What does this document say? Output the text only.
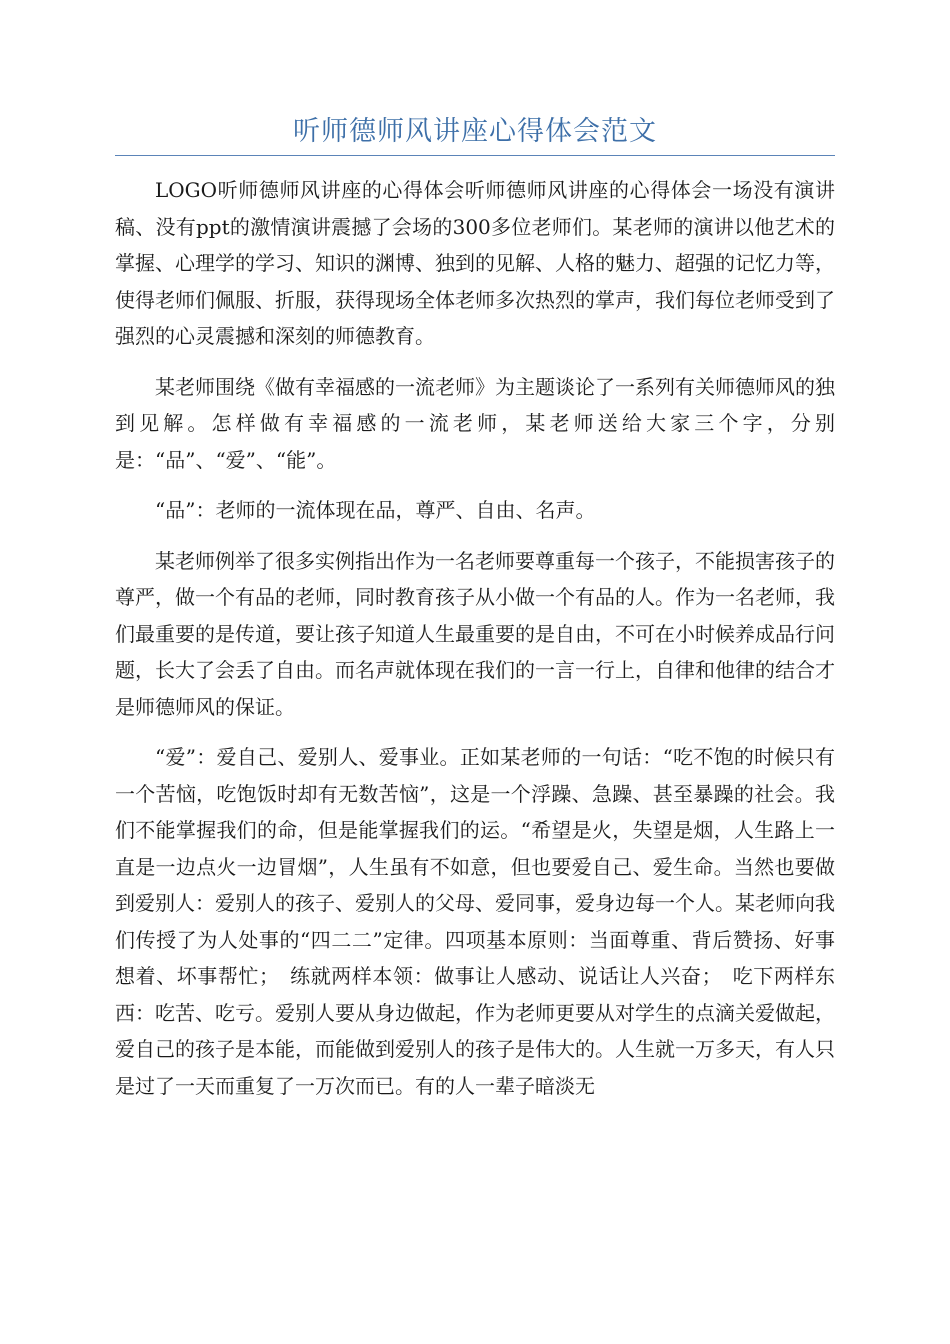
听师德师风讲座心得体会范文

LOGO听师德师风讲座的心得体会听师德师风讲座的心得体会一场没有演讲稿、没有ppt的激情演讲震撼了会场的300多位老师们。某老师的演讲以他艺术的掌握、心理学的学习、知识的渊博、独到的见解、人格的魅力、超强的记忆力等，使得老师们佩服、折服，获得现场全体老师多次热烈的掌声，我们每位老师受到了强烈的心灵震撼和深刻的师德教育。

某老师围绕《做有幸福感的一流老师》为主题谈论了一系列有关师德师风的独到见解。怎样做有幸福感的一流老师，某老师送给大家三个字，分别是：“品”、“爱”、“能”。

“品”：老师的一流体现在品，尊严、自由、名声。

某老师例举了很多实例指出作为一名老师要尊重每一个孩子，不能损害孩子的尊严，做一个有品的老师，同时教育孩子从小做一个有品的人。作为一名老师，我们最重要的是传道，要让孩子知道人生最重要的是自由，不可在小时候养成品行问题，长大了会丢了自由。而名声就体现在我们的一言一行上，自律和他律的结合才是师德师风的保证。

“爱”：爱自己、爱别人、爱事业。正如某老师的一句话：“吃不饱的时候只有一个苦恼，吃饱饭时却有无数苦恼”，这是一个浮躁、急躁、甚至暴躁的社会。我们不能掌握我们的命，但是能掌握我们的运。“希望是火，失望是烟，人生路上一直是一边点火一边冒烟”，人生虽有不如意，但也要爱自己、爱生命。当然也要做到爱别人：爱别人的孩子、爱别人的父母、爱同事，爱身边每一个人。某老师向我们传授了为人处事的“四二二”定律。四项基本原则：当面尊重、背后赞扬、好事想着、坏事帮忙；　练就两样本领：做事让人感动、说话让人兴奋；　吃下两样东西：吃苦、吃亏。爱别人要从身边做起，作为老师更要从对学生的点滴关爱做起，爱自己的孩子是本能，而能做到爱别人的孩子是伟大的。人生就一万多天，有人只是过了一天而重复了一万次而已。有的人一辈子暗淡无
